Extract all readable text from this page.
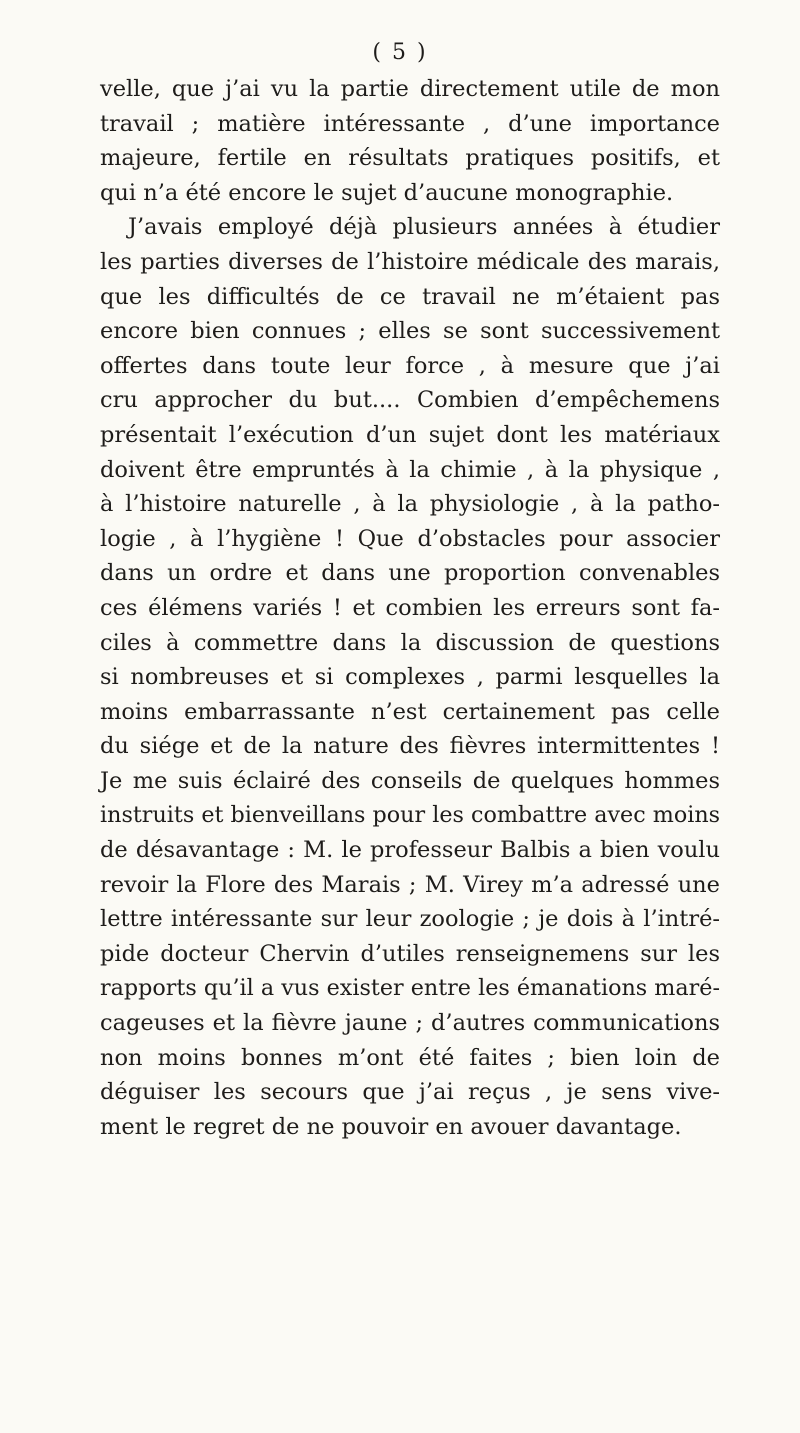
( 5 )
velle, que j’ai vu la partie directement utile de mon
travail ; matière intéressante , d’une importance
majeure, fertile en résultats pratiques positifs, et
qui n’a été encore le sujet d’aucune monographie.
J’avais employé déjà plusieurs années à étudier
les parties diverses de l’histoire médicale des marais,
que les difficultés de ce travail ne m’étaient pas
encore bien connues ; elles se sont successivement
offertes dans toute leur force , à mesure que j’ai
cru approcher du but.... Combien d’empêchemens
présentait l’exécution d’un sujet dont les matériaux
doivent être empruntés à la chimie , à la physique ,
à l’histoire naturelle , à la physiologie , à la patho-
logie , à l’hygiène ! Que d’obstacles pour associer
dans un ordre et dans une proportion convenables
ces élémens variés ! et combien les erreurs sont fa-
ciles à commettre dans la discussion de questions
si nombreuses et si complexes , parmi lesquelles la
moins embarrassante n’est certainement pas celle
du siége et de la nature des fièvres intermittentes !
Je me suis éclairé des conseils de quelques hommes
instruits et bienveillans pour les combattre avec moins
de désavantage : M. le professeur Balbis a bien voulu
revoir la Flore des Marais ; M. Virey m’a adressé une
lettre intéressante sur leur zoologie ; je dois à l’intré-
pide docteur Chervin d’utiles renseignemens sur les
rapports qu’il a vus exister entre les émanations maré-
cageuses et la fièvre jaune ; d’autres communications
non moins bonnes m’ont été faites ; bien loin de
déguiser les secours que j’ai reçus , je sens vive-
ment le regret de ne pouvoir en avouer davantage.
